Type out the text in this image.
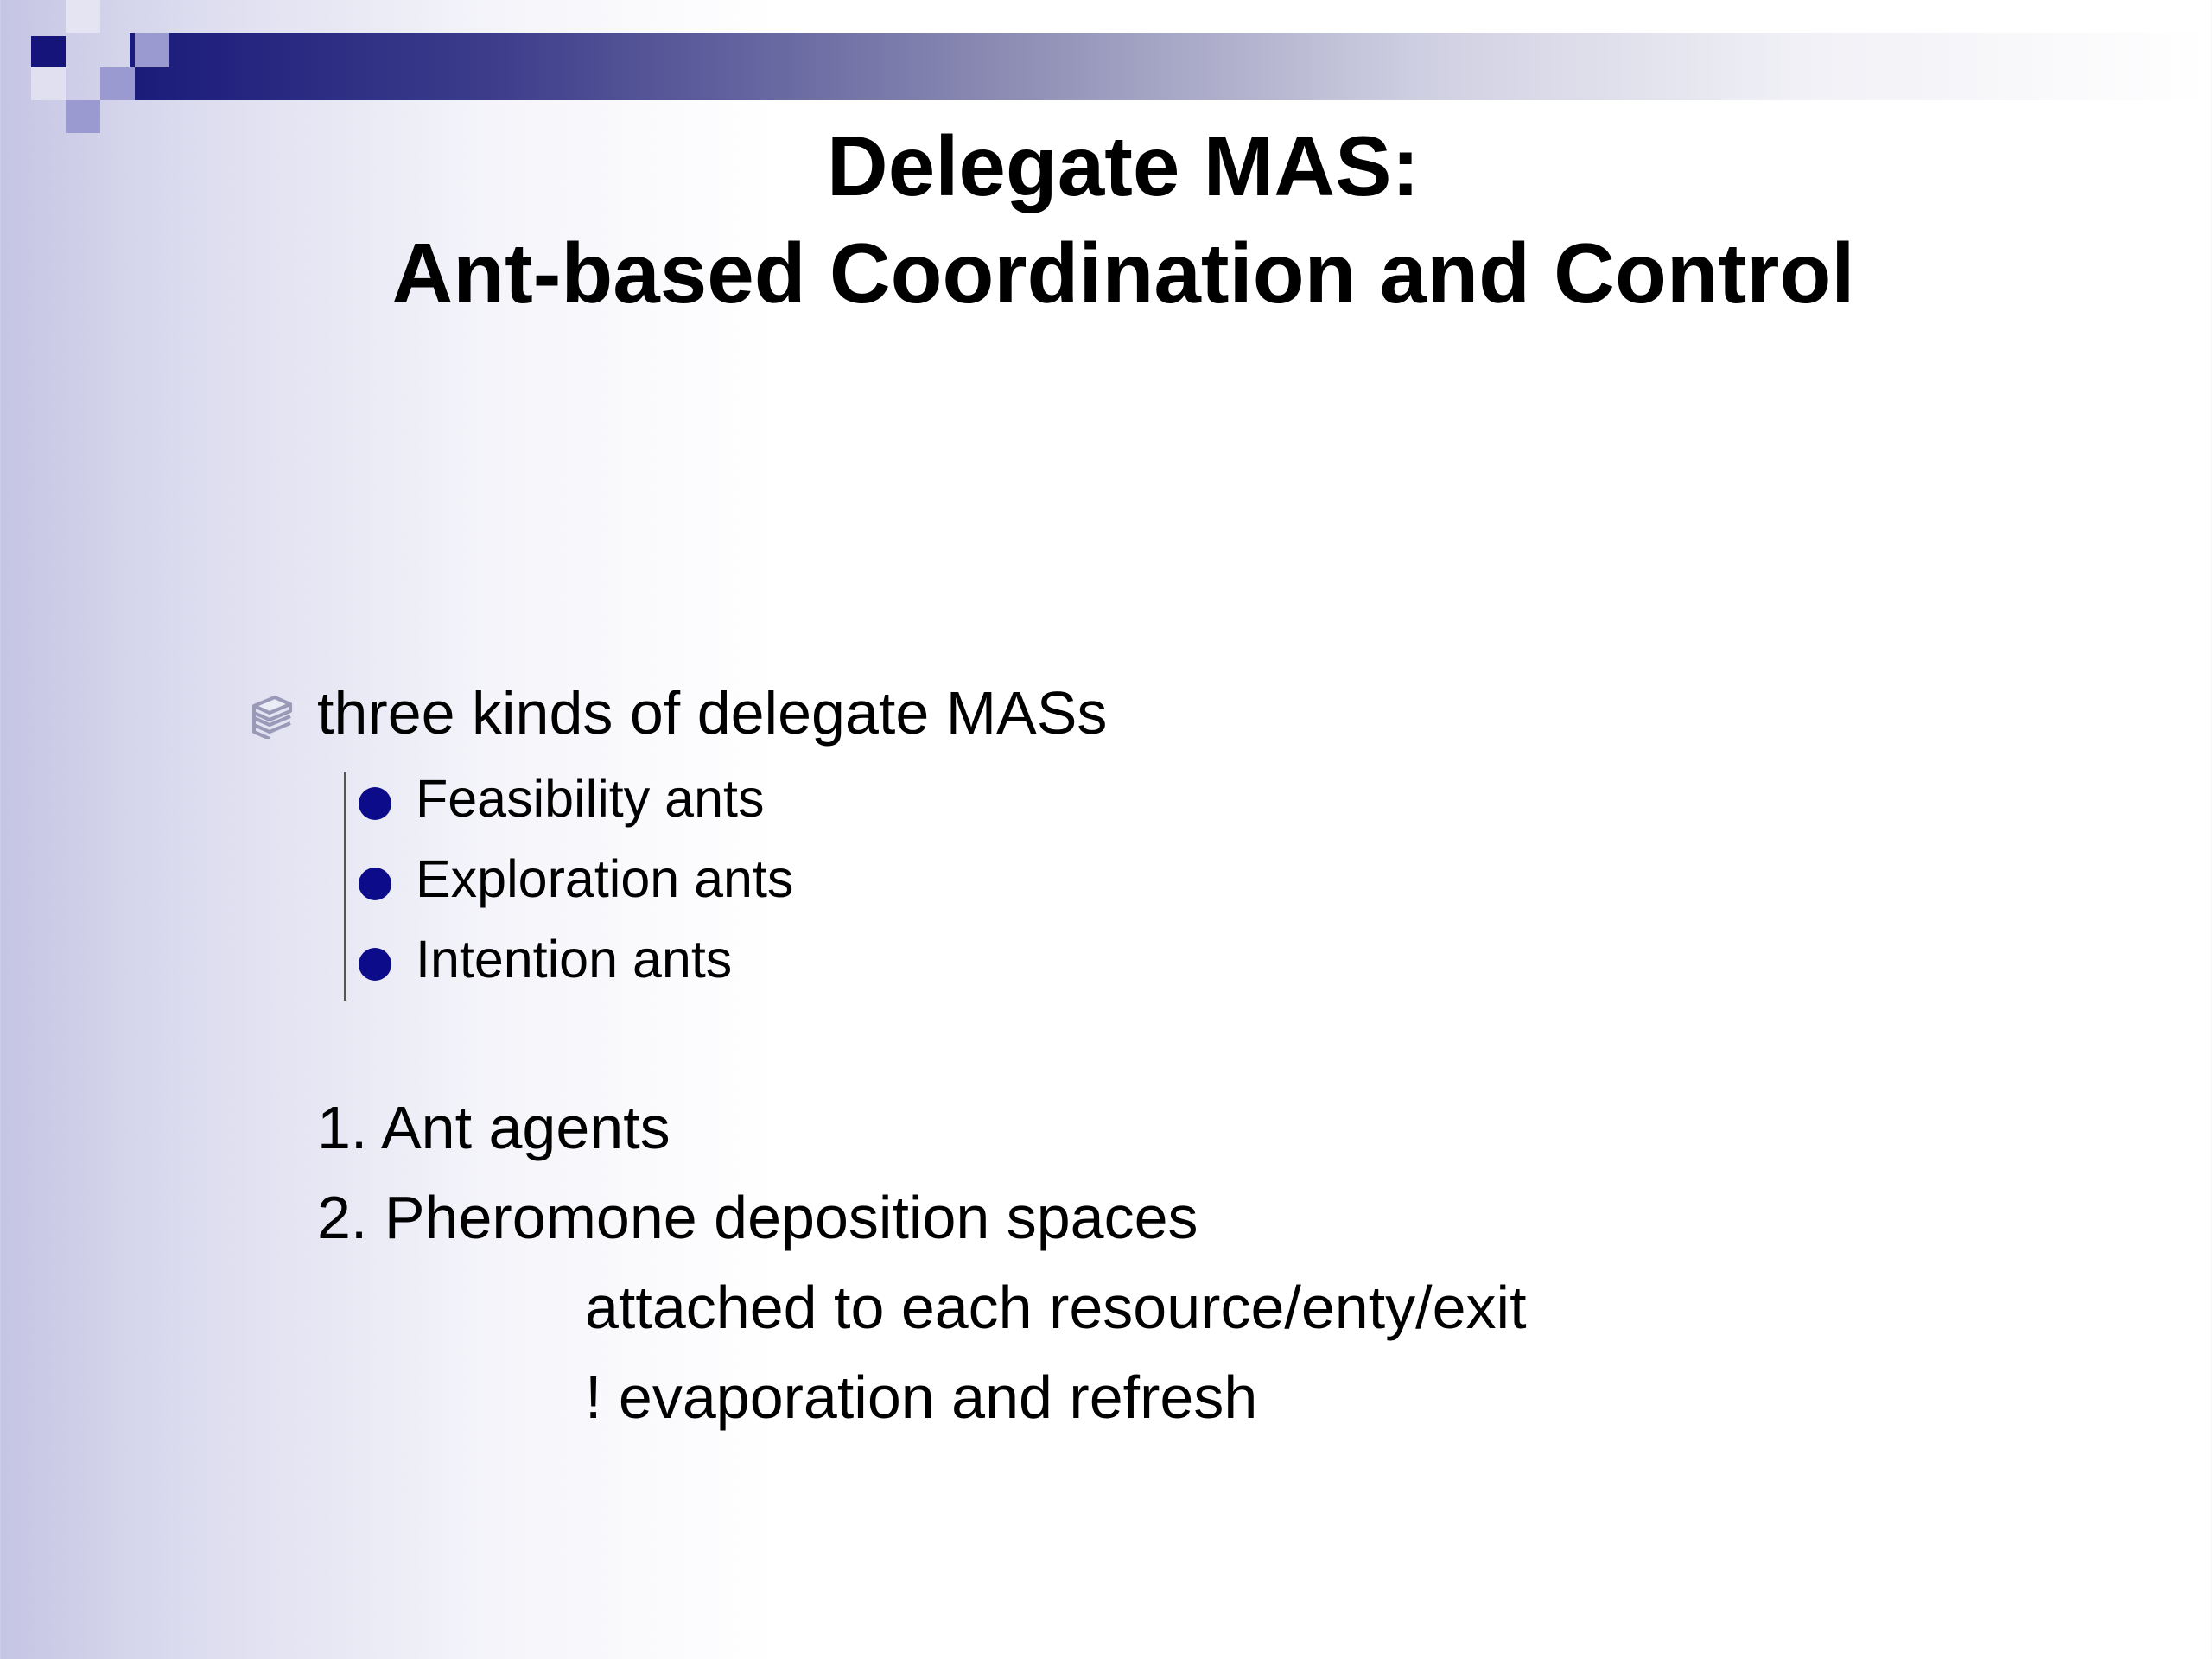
Delegate MAS:
Ant-based Coordination and Control
three kinds of delegate MASs
Feasibility ants
Exploration ants
Intention ants
1. Ant agents
2. Pheromone deposition spaces
attached to each resource/enty/exit
! evaporation and refresh
